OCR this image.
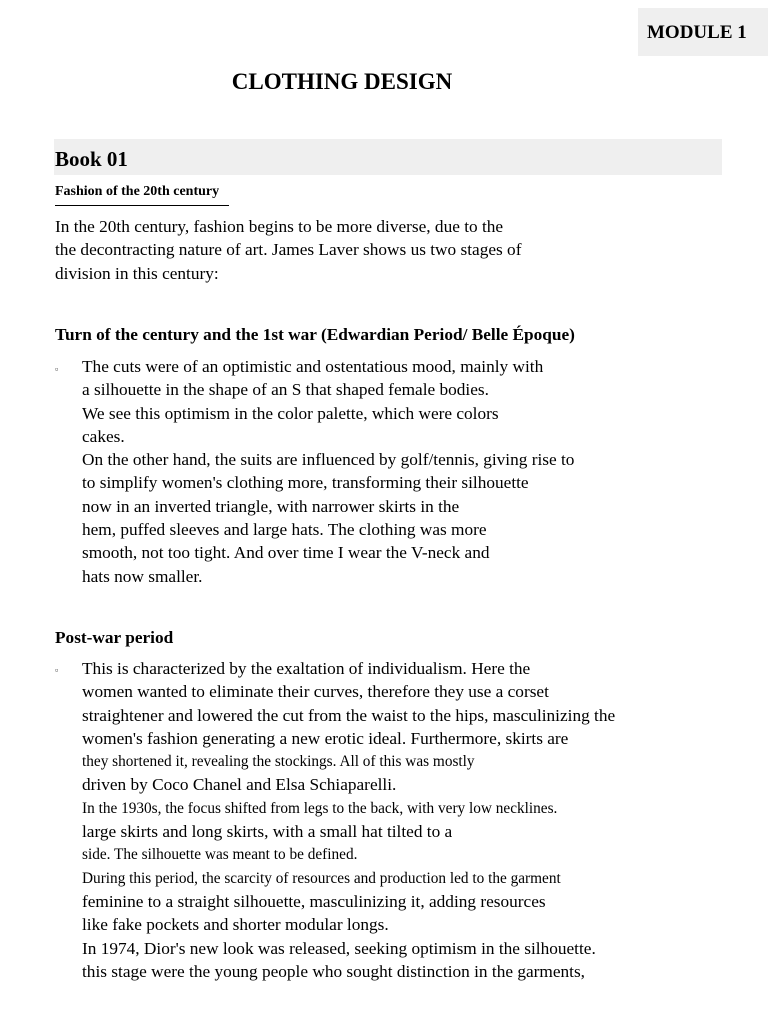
MODULE 1
CLOTHING DESIGN
Book 01
Fashion of the 20th century
In the 20th century, fashion begins to be more diverse, due to the
the decontracting nature of art. James Laver shows us two stages of
division in this century:
Turn of the century and the 1st war (Edwardian Period/ Belle Époque)
▫ The cuts were of an optimistic and ostentatious mood, mainly with
a silhouette in the shape of an S that shaped female bodies.
We see this optimism in the color palette, which were colors
cakes.
On the other hand, the suits are influenced by golf/tennis, giving rise to
to simplify women's clothing more, transforming their silhouette
now in an inverted triangle, with narrower skirts in the
hem, puffed sleeves and large hats. The clothing was more
smooth, not too tight. And over time I wear the V-neck and
hats now smaller.
Post-war period
▫ This is characterized by the exaltation of individualism. Here the
women wanted to eliminate their curves, therefore they use a corset
straightener and lowered the cut from the waist to the hips, masculinizing the
women's fashion generating a new erotic ideal. Furthermore, skirts are
they shortened it, revealing the stockings. All of this was mostly
driven by Coco Chanel and Elsa Schiaparelli.
In the 1930s, the focus shifted from legs to the back, with very low necklines.
large skirts and long skirts, with a small hat tilted to a
side. The silhouette was meant to be defined.
During this period, the scarcity of resources and production led to the garment
feminine to a straight silhouette, masculinizing it, adding resources
like fake pockets and shorter modular longs.
In 1974, Dior's new look was released, seeking optimism in the silhouette.
this stage were the young people who sought distinction in the garments,
